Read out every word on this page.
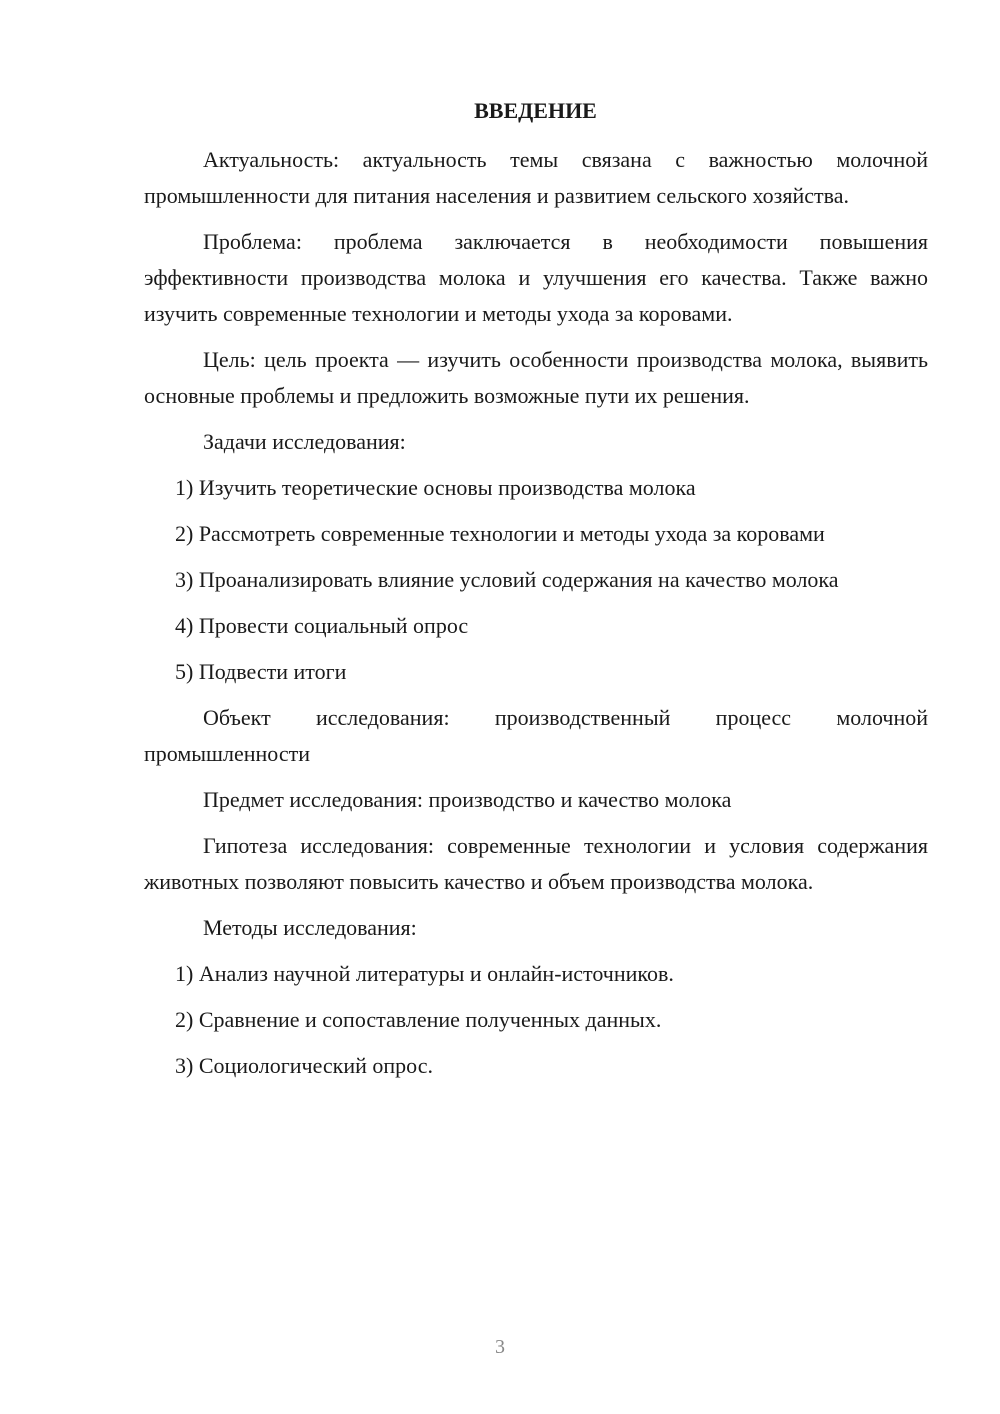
ВВЕДЕНИЕ

Актуальность: актуальность темы связана с важностью молочной промышленности для питания населения и развитием сельского хозяйства.

Проблема: проблема заключается в необходимости повышения эффективности производства молока и улучшения его качества. Также важно изучить современные технологии и методы ухода за коровами.

Цель: цель проекта — изучить особенности производства молока, выявить основные проблемы и предложить возможные пути их решения.

Задачи исследования:

1) Изучить теоретические основы производства молока

2) Рассмотреть современные технологии и методы ухода за коровами

3) Проанализировать влияние условий содержания на качество молока

4) Провести социальный опрос

5) Подвести итоги

Объект исследования: производственный процесс молочной промышленности

Предмет исследования: производство и качество молока

Гипотеза исследования: современные технологии и условия содержания животных позволяют повысить качество и объем производства молока.

Методы исследования:

1) Анализ научной литературы и онлайн-источников.

2) Сравнение и сопоставление полученных данных.

3) Социологический опрос.

3
